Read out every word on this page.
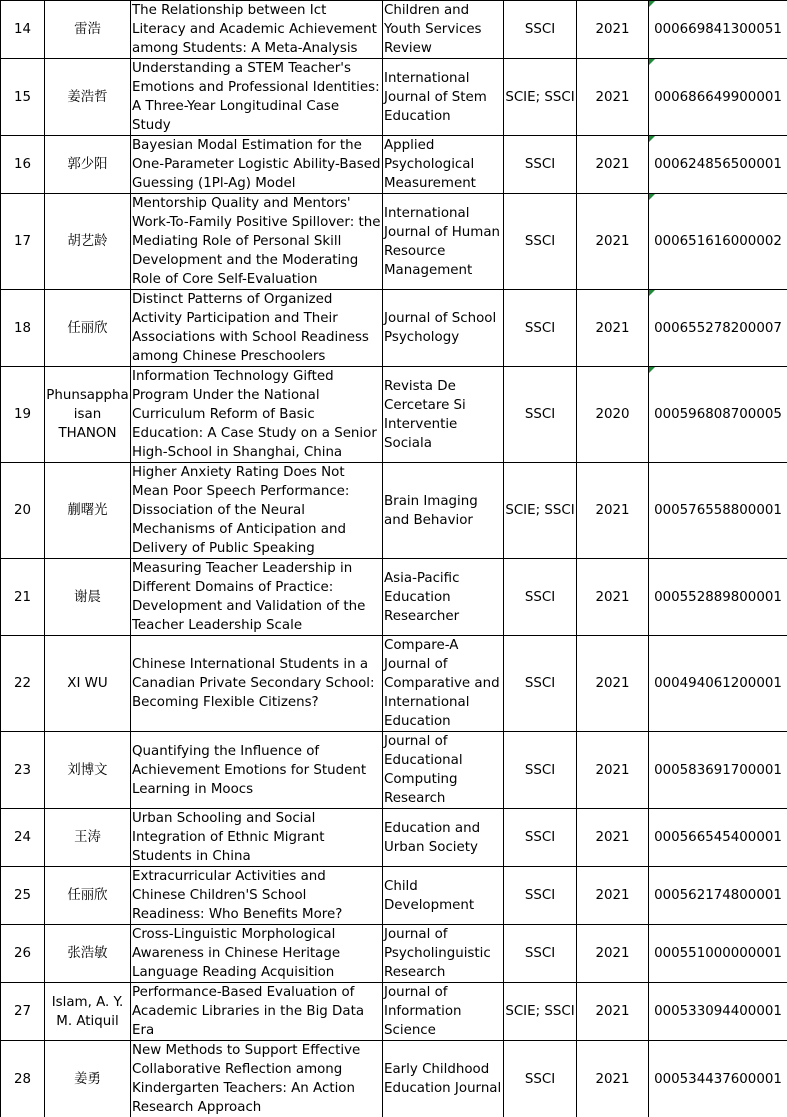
14	雷浩	The Relationship between Ict Literacy and Academic Achievement among Students: A Meta-Analysis	Children and Youth Services Review	SSCI	2021	000669841300051
15	姜浩哲	Understanding a STEM Teacher's Emotions and Professional Identities: A Three-Year Longitudinal Case Study	International Journal of Stem Education	SCIE; SSCI	2021	000686649900001
16	郭少阳	Bayesian Modal Estimation for the One-Parameter Logistic Ability-Based Guessing (1Pl-Ag) Model	Applied Psychological Measurement	SSCI	2021	000624856500001
17	胡艺龄	Mentorship Quality and Mentors' Work-To-Family Positive Spillover: the Mediating Role of Personal Skill Development and the Moderating Role of Core Self-Evaluation	International Journal of Human Resource Management	SSCI	2021	000651616000002
18	任丽欣	Distinct Patterns of Organized Activity Participation and Their Associations with School Readiness among Chinese Preschoolers	Journal of School Psychology	SSCI	2021	000655278200007
19	Phunsappha isan THANON	Information Technology Gifted Program Under the National Curriculum Reform of Basic Education: A Case Study on a Senior High-School in Shanghai, China	Revista De Cercetare Si Interventie Sociala	SSCI	2020	000596808700005
20	蒯曙光	Higher Anxiety Rating Does Not Mean Poor Speech Performance: Dissociation of the Neural Mechanisms of Anticipation and Delivery of Public Speaking	Brain Imaging and Behavior	SCIE; SSCI	2021	000576558800001
21	谢晨	Measuring Teacher Leadership in Different Domains of Practice: Development and Validation of the Teacher Leadership Scale	Asia-Pacific Education Researcher	SSCI	2021	000552889800001
22	XI WU	Chinese International Students in a Canadian Private Secondary School: Becoming Flexible Citizens?	Compare-A Journal of Comparative and International Education	SSCI	2021	000494061200001
23	刘博文	Quantifying the Influence of Achievement Emotions for Student Learning in Moocs	Journal of Educational Computing Research	SSCI	2021	000583691700001
24	王涛	Urban Schooling and Social Integration of Ethnic Migrant Students in China	Education and Urban Society	SSCI	2021	000566545400001
25	任丽欣	Extracurricular Activities and Chinese Children'S School Readiness: Who Benefits More?	Child Development	SSCI	2021	000562174800001
26	张浩敏	Cross-Linguistic Morphological Awareness in Chinese Heritage Language Reading Acquisition	Journal of Psycholinguistic Research	SSCI	2021	000551000000001
27	Islam, A. Y. M. Atiquil	Performance-Based Evaluation of Academic Libraries in the Big Data Era	Journal of Information Science	SCIE; SSCI	2021	000533094400001
28	姜勇	New Methods to Support Effective Collaborative Reflection among Kindergarten Teachers: An Action Research Approach	Early Childhood Education Journal	SSCI	2021	000534437600001
